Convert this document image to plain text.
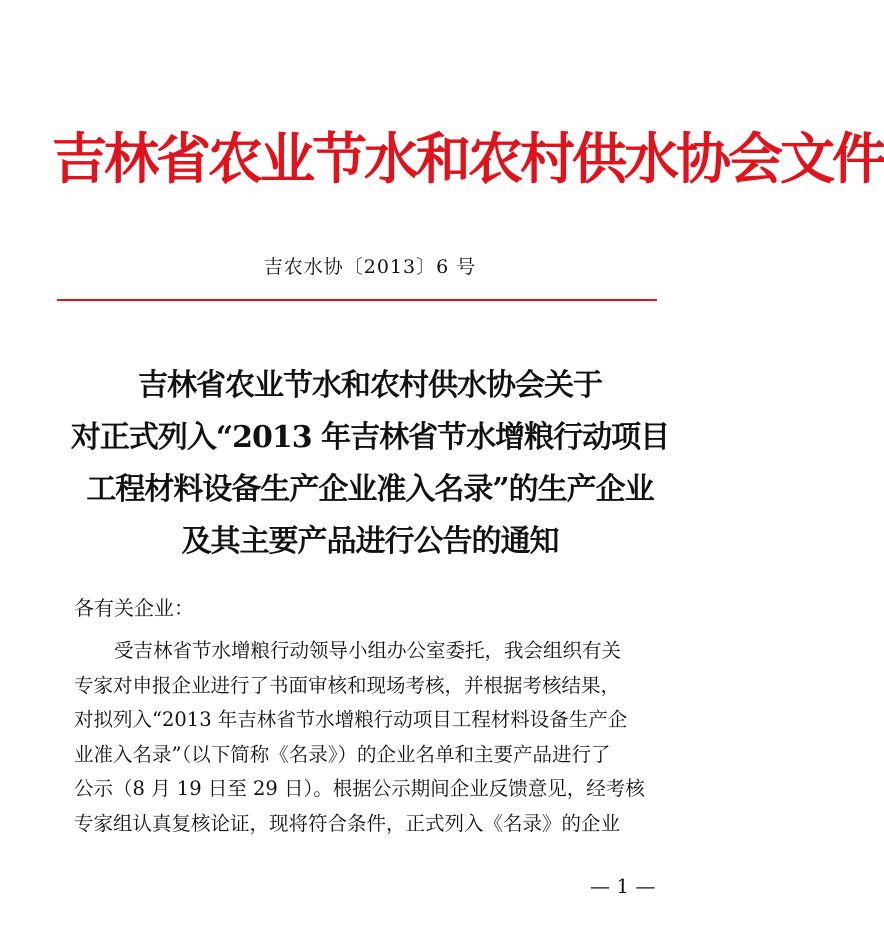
吉林省农业节水和农村供水协会文件
吉农水协〔2013〕6 号
吉林省农业节水和农村供水协会关于
对正式列入“2013 年吉林省节水增粮行动项目
工程材料设备生产企业准入名录”的生产企业
及其主要产品进行公告的通知
各有关企业：
受吉林省节水增粮行动领导小组办公室委托，我会组织有关
专家对申报企业进行了书面审核和现场考核，并根据考核结果，
对拟列入“2013 年吉林省节水增粮行动项目工程材料设备生产企
业准入名录”（以下简称《名录》）的企业名单和主要产品进行了
公示（8 月 19 日至 29 日）。根据公示期间企业反馈意见，经考核
专家组认真复核论证，现将符合条件，正式列入《名录》的企业
— 1 —
